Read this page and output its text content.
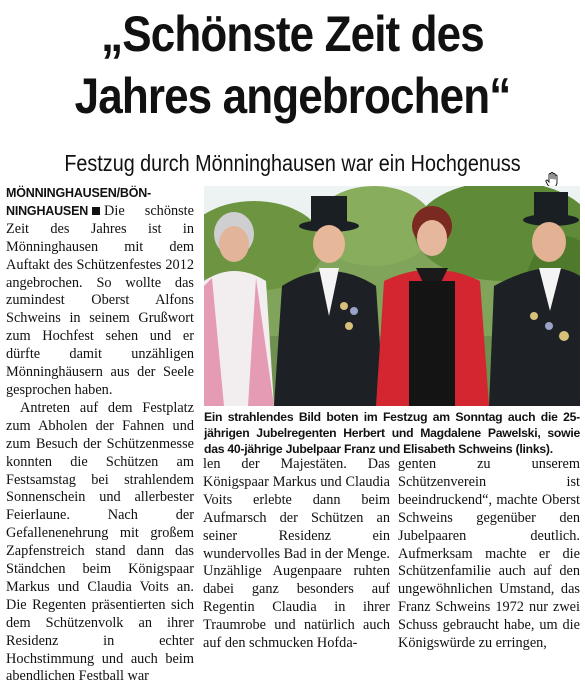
„Schönste Zeit des
Jahres angebrochen“
Festzug durch Mönninghausen war ein Hochgenuss

MÖNNINGHAUSEN/BÖN-NINGHAUSEN Die schönste Zeit des Jahres ist in Mönninghausen mit dem Auftakt des Schützenfestes 2012 angebrochen. So wollte das zumindest Oberst Alfons Schweins in seinem Grußwort zum Hochfest sehen und er dürfte damit unzähligen Mönninghäusern aus der Seele gesprochen haben.

Antreten auf dem Festplatz zum Abholen der Fahnen und zum Besuch der Schützenmesse konnten die Schützen am Festsamstag bei strahlendem Sonnenschein und allerbester Feierlaune. Nach der Gefallenenehrung mit großem Zapfenstreich stand dann das Ständchen beim Königspaar Markus und Claudia Voits an. Die Regenten präsentierten sich dem Schützenvolk an ihrer Residenz in echter Hochstimmung und auch beim abendlichen Festball war

Ein strahlendes Bild boten im Festzug am Sonntag auch die 25-jährigen Jubelregenten Herbert und Magdalene Pawelski, sowie das 40-jährige Jubelpaar Franz und Elisabeth Schweins (links).

len der Majestäten. Das Königspaar Markus und Claudia Voits erlebte dann beim Aufmarsch der Schützen an seiner Residenz ein wundervolles Bad in der Menge. Unzählige Augenpaare ruhten dabei ganz besonders auf Regentin Claudia in ihrer Traumrobe und natürlich auch auf den schmucken Hofda-

genten zu unserem Schützenverein ist beeindruckend“, machte Oberst Schweins gegenüber den Jubelpaaren deutlich. Aufmerksam machte er die Schützenfamilie auch auf den ungewöhnlichen Umstand, das Franz Schweins 1972 nur zwei Schuss gebraucht habe, um die Königswürde zu erringen,
